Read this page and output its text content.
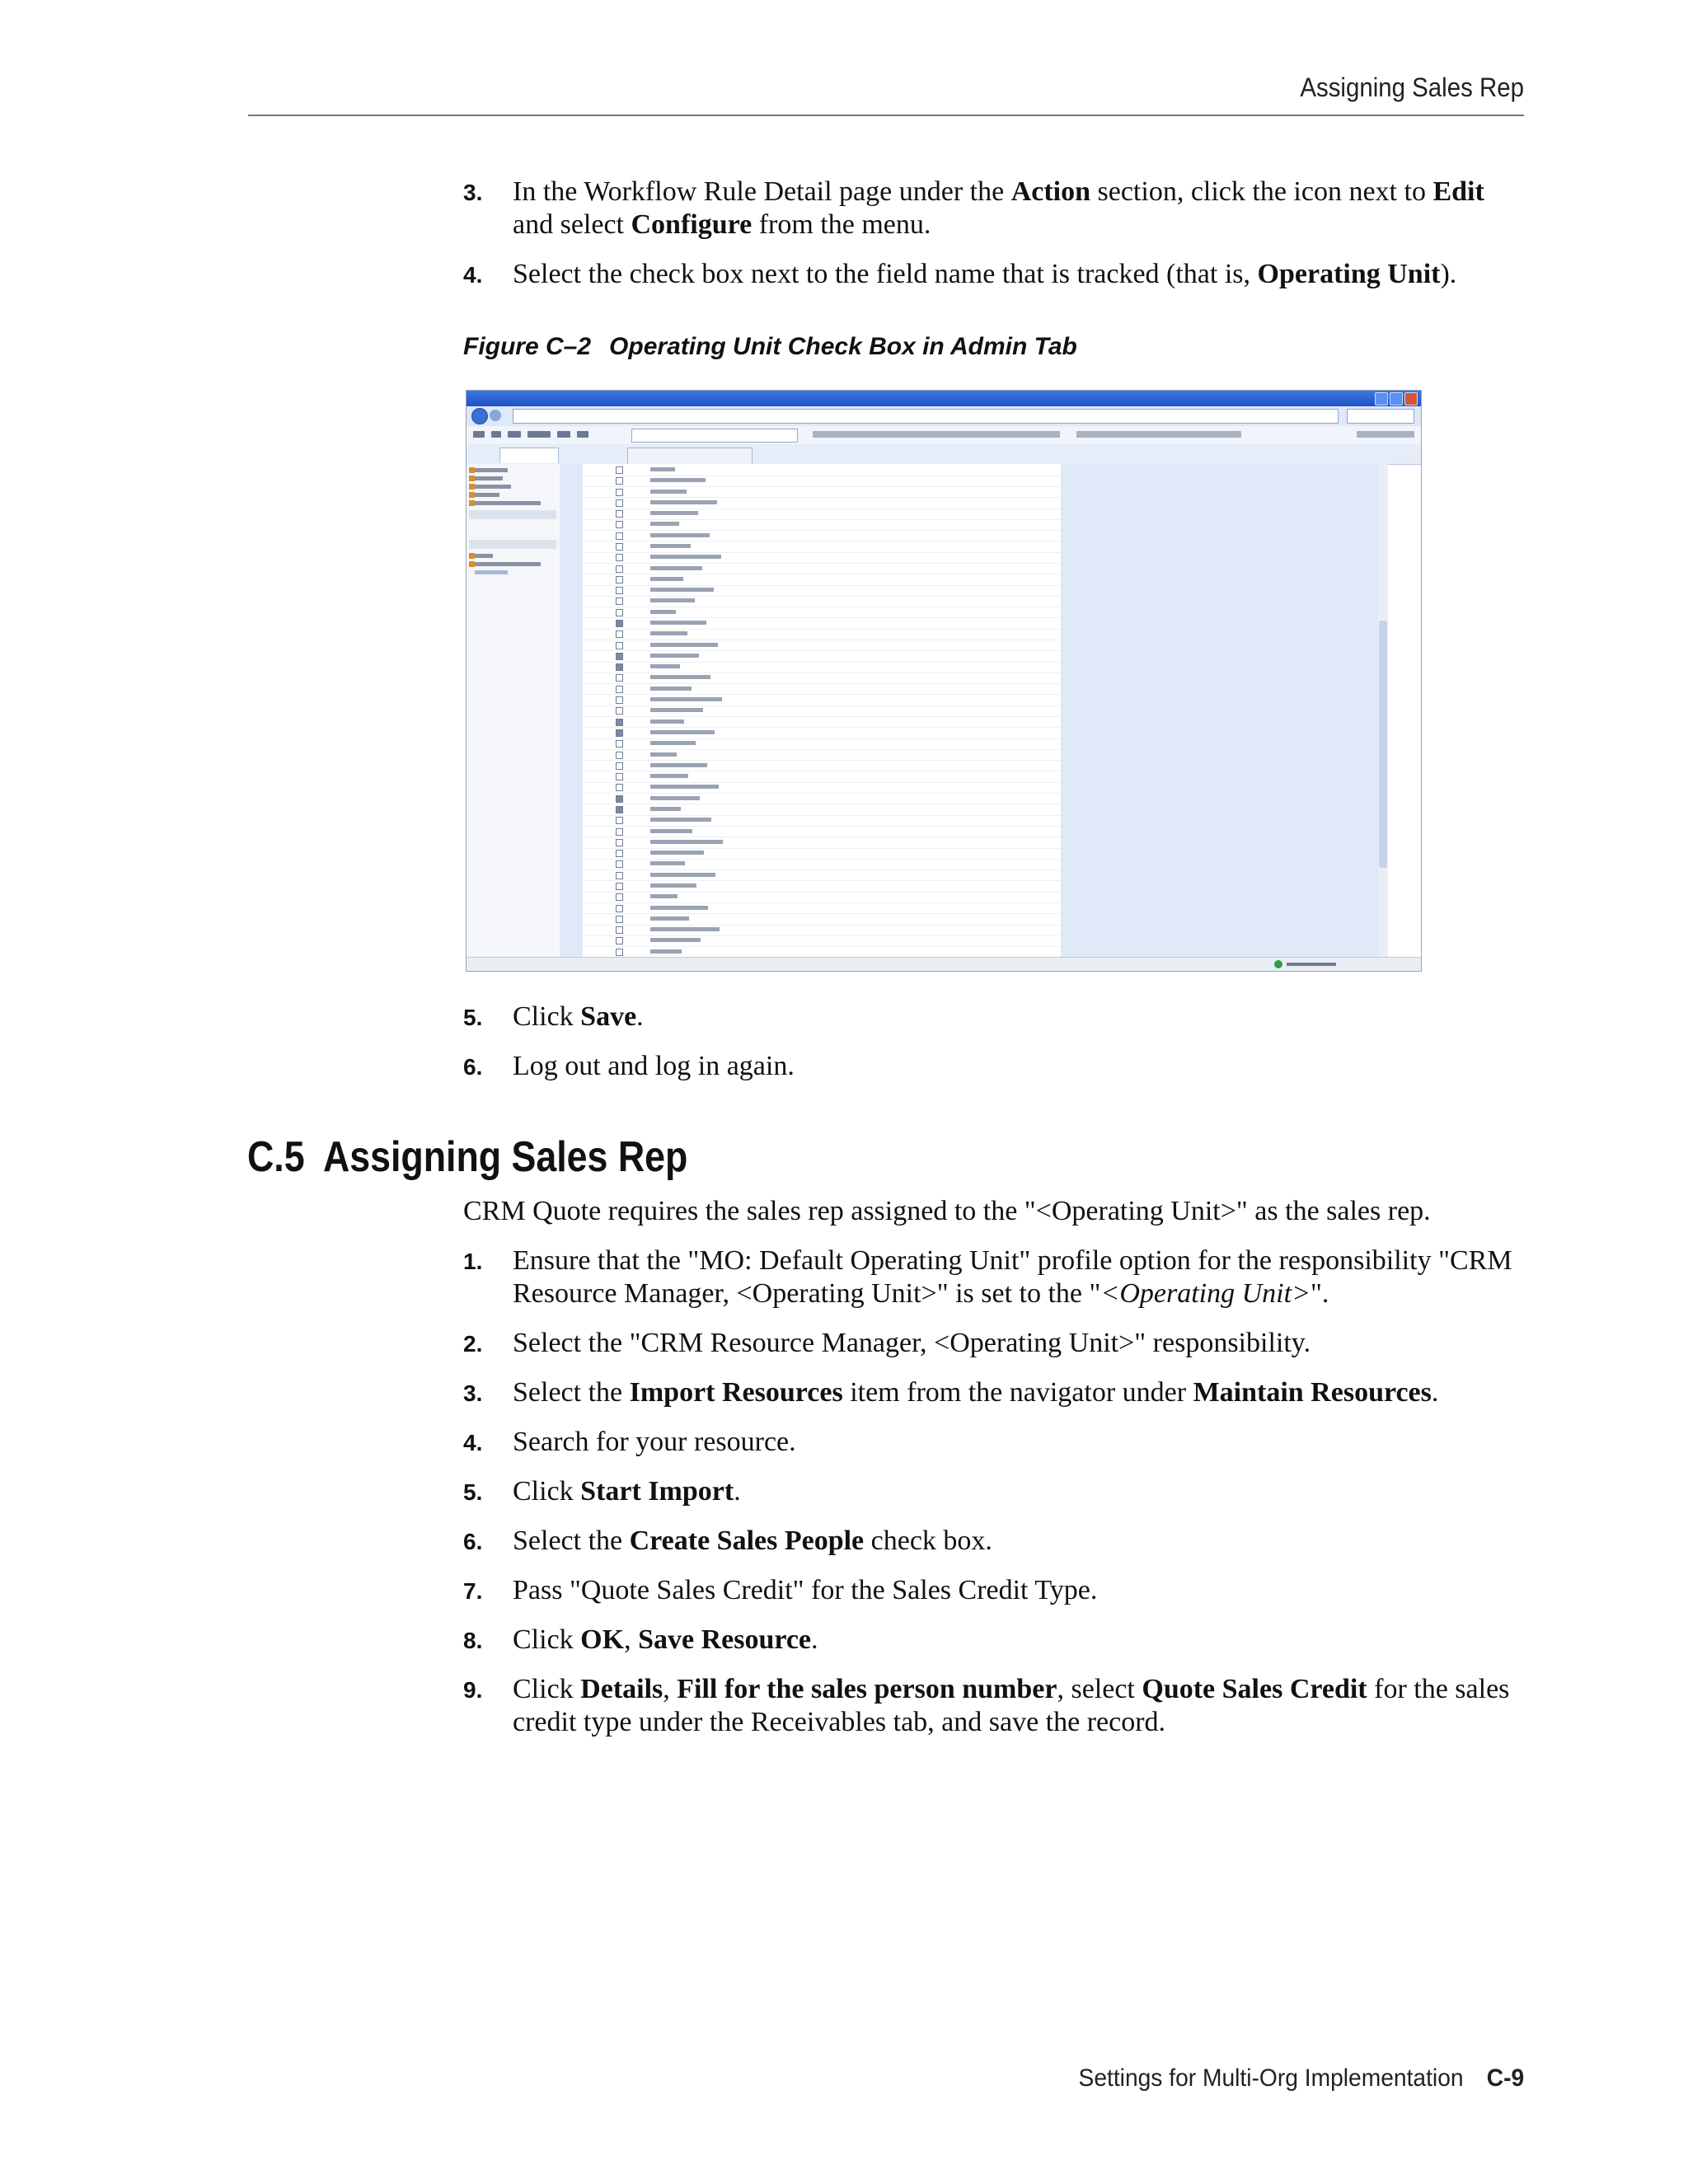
Assigning Sales Rep
3.	In the Workflow Rule Detail page under the Action section, click the icon next to Edit and select Configure from the menu.
4.	Select the check box next to the field name that is tracked (that is, Operating Unit).
Figure C–2 Operating Unit Check Box in Admin Tab
5.	Click Save.
6.	Log out and log in again.
C.5 Assigning Sales Rep
CRM Quote requires the sales rep assigned to the "<Operating Unit>" as the sales rep.
1.	Ensure that the "MO: Default Operating Unit" profile option for the responsibility "CRM Resource Manager, <Operating Unit>" is set to the "<Operating Unit>".
2.	Select the "CRM Resource Manager, <Operating Unit>" responsibility.
3.	Select the Import Resources item from the navigator under Maintain Resources.
4.	Search for your resource.
5.	Click Start Import.
6.	Select the Create Sales People check box.
7.	Pass "Quote Sales Credit" for the Sales Credit Type.
8.	Click OK, Save Resource.
9.	Click Details, Fill for the sales person number, select Quote Sales Credit for the sales credit type under the Receivables tab, and save the record.
Settings for Multi-Org Implementation C-9
